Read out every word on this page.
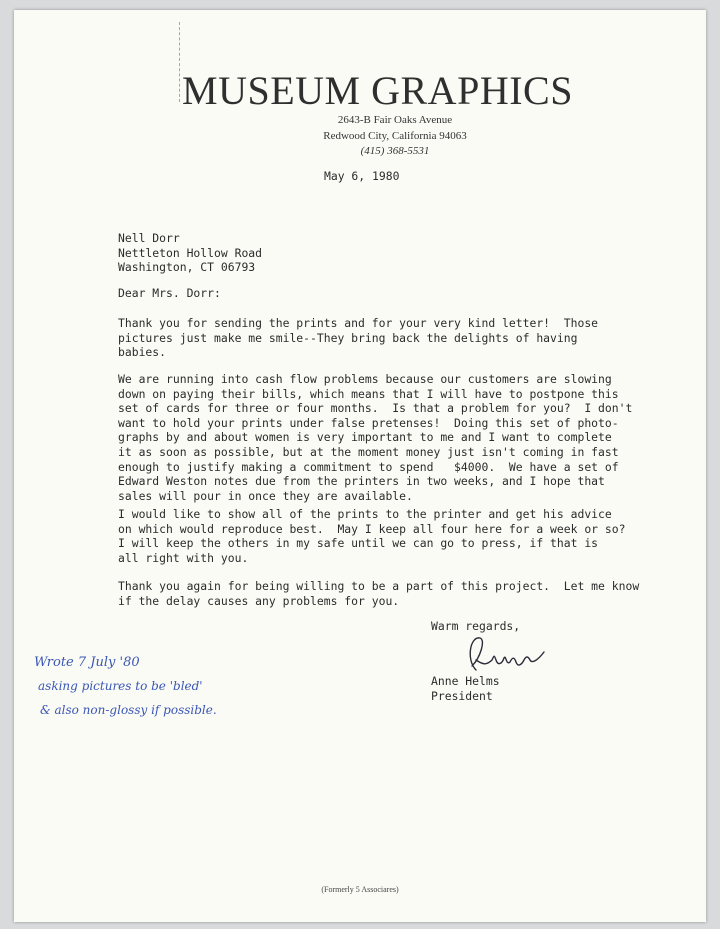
MUSEUM GRAPHICS
2643-B Fair Oaks Avenue
Redwood City, California 94063
(415) 368-5531
May 6, 1980
Nell Dorr
Nettleton Hollow Road
Washington, CT 06793
Dear Mrs. Dorr:
Thank you for sending the prints and for your very kind letter!  Those
pictures just make me smile--They bring back the delights of having
babies.
We are running into cash flow problems because our customers are slowing
down on paying their bills, which means that I will have to postpone this
set of cards for three or four months.  Is that a problem for you?  I don't
want to hold your prints under false pretenses!  Doing this set of photo-
graphs by and about women is very important to me and I want to complete
it as soon as possible, but at the moment money just isn't coming in fast
enough to justify making a commitment to spend   $4000.  We have a set of
Edward Weston notes due from the printers in two weeks, and I hope that
sales will pour in once they are available.
I would like to show all of the prints to the printer and get his advice
on which would reproduce best.  May I keep all four here for a week or so?
I will keep the others in my safe until we can go to press, if that is
all right with you.
Thank you again for being willing to be a part of this project.  Let me know
if the delay causes any problems for you.
Warm regards,
Anne Helms
President
Wrote 7 July '80
asking pictures to be 'bled'
& also non-glossy if possible.
(Formerly 5 Associares)
